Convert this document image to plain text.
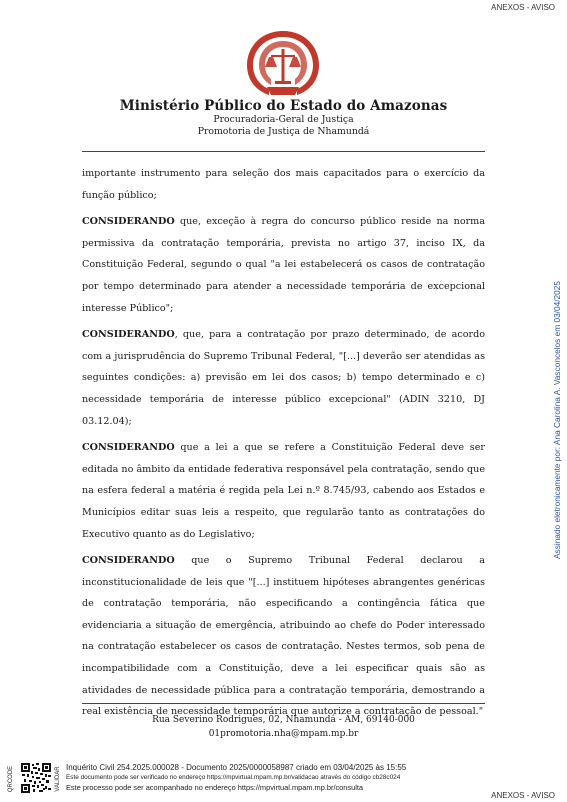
ANEXOS - AVISO
Ministério Público do Estado do Amazonas
Procuradoria-Geral de Justiça
Promotoria de Justiça de Nhamundá

importante instrumento para seleção dos mais capacitados para o exercício da função público;

CONSIDERANDO que, exceção à regra do concurso público reside na norma permissiva da contratação temporária, prevista no artigo 37, inciso IX, da Constituição Federal, segundo o qual "a lei estabelecerá os casos de contratação por tempo determinado para atender a necessidade temporária de excepcional interesse Público";

CONSIDERANDO, que, para a contratação por prazo determinado, de acordo com a jurisprudência do Supremo Tribunal Federal, "[...] deverão ser atendidas as seguintes condições: a) previsão em lei dos casos; b) tempo determinado e c) necessidade temporária de interesse público excepcional" (ADIN 3210, DJ 03.12.04);

CONSIDERANDO que a lei a que se refere a Constituição Federal deve ser editada no âmbito da entidade federativa responsável pela contratação, sendo que na esfera federal a matéria é regida pela Lei n.º 8.745/93, cabendo aos Estados e Municípios editar suas leis a respeito, que regularão tanto as contratações do Executivo quanto as do Legislativo;

CONSIDERANDO que o Supremo Tribunal Federal declarou a inconstitucionalidade de leis que "[...] instituem hipóteses abrangentes genéricas de contratação temporária, não especificando a contingência fática que evidenciaria a situação de emergência, atribuindo ao chefe do Poder interessado na contratação estabelecer os casos de contratação. Nestes termos, sob pena de incompatibilidade com a Constituição, deve a lei especificar quais são as atividades de necessidade pública para a contratação temporária, demostrando a real existência de necessidade temporária que autorize a contratação de pessoal."

Rua Severino Rodrigues, 02, Nhamundá - AM, 69140-000
01promotoria.nha@mpam.mp.br
Assinado eletronicamente por: Ana Carolina A. Vasconcelos em 03/04/2025
QRCODE	VALIDAR Inquérito Civil 254.2025.000028 - Documento 2025/0000058987 criado em 03/04/2025 às 15:55
Este documento pode ser verificado no endereço https://mpvirtual.mpam.mp.br/validacao através do código cb28c024
Este processo pode ser acompanhado no endereço https://mpvirtual.mpam.mp.br/consulta
ANEXOS - AVISO
